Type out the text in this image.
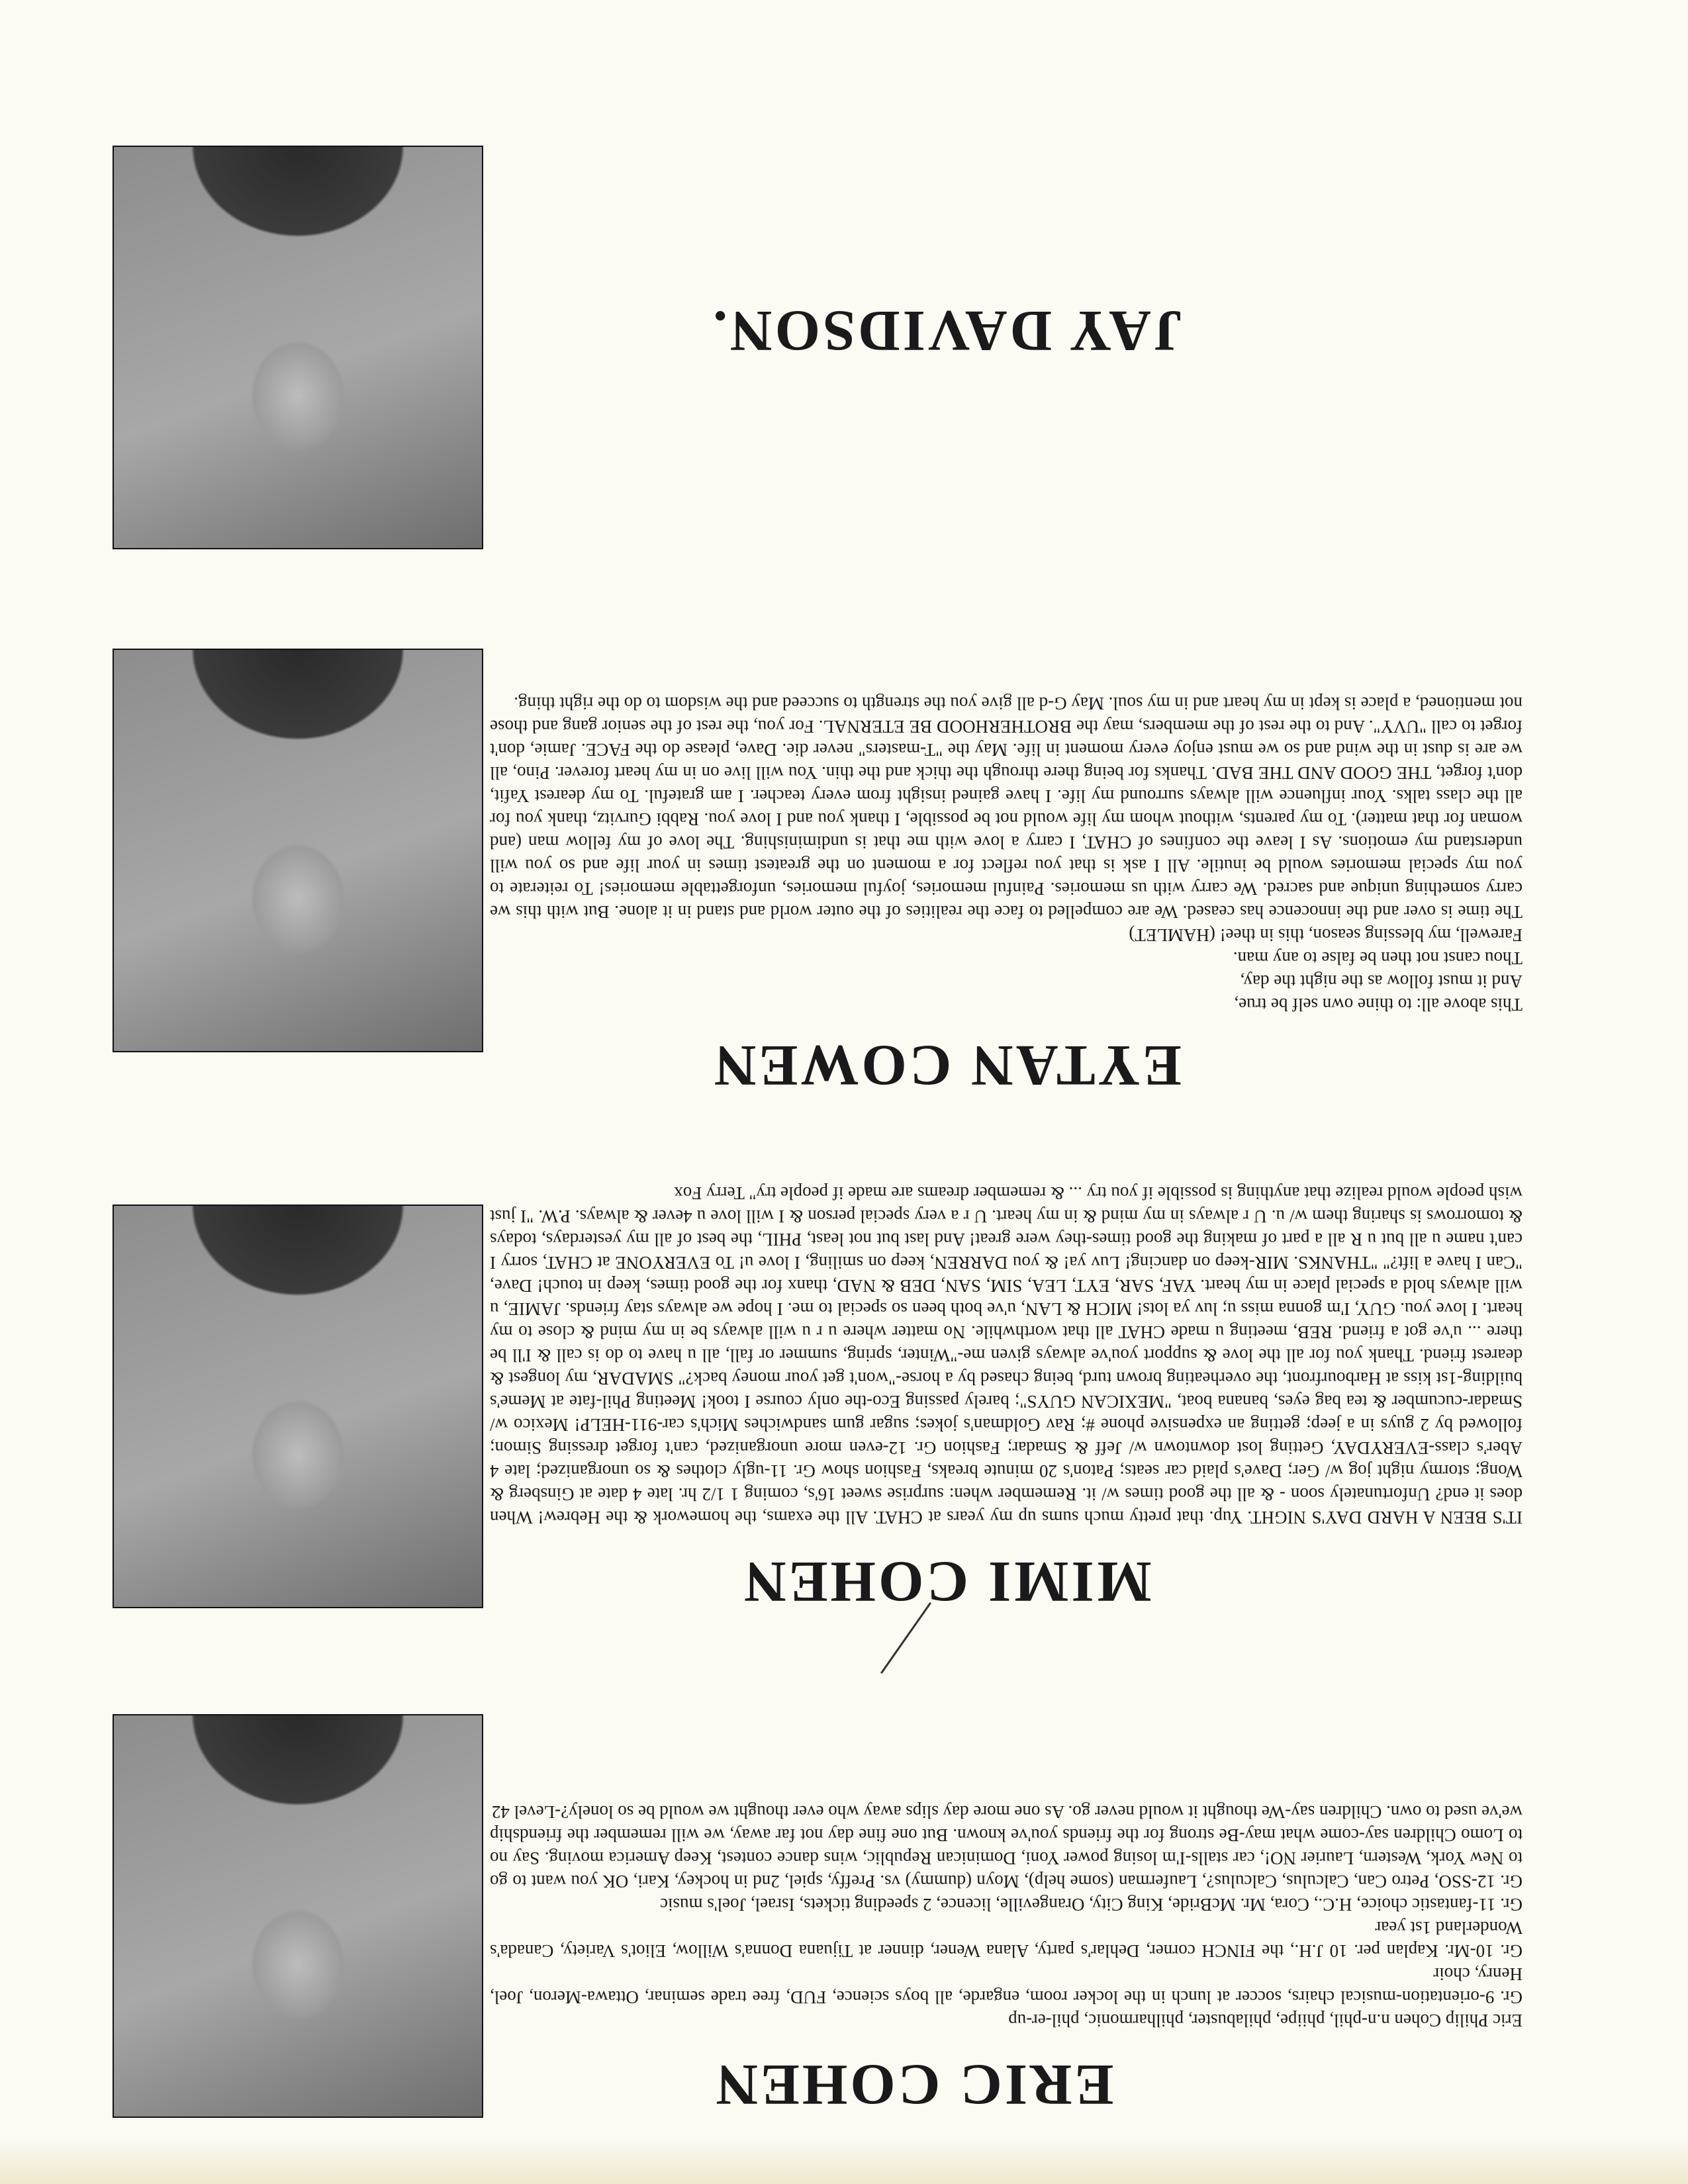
ERIC COHEN

Eric Philip Cohen n.n-phil, phiipe, philabuster, philharmonic, phil-er-up

Gr. 9-orientation-musical chairs, soccer at lunch in the locker room, engarde, all boys science, FUD, free trade seminar, Ottawa-Meron, Joel, Henry, choir

Gr. 10-Mr. Kaplan per. 10 J.H., the FINCH corner, Dehlar's party, Alana Wener, dinner at Tijuana Donna's Willow, Eliot's Variety, Canada's Wonderland 1st year

Gr. 11-fantastic choice, H.C., Cora, Mr. McBride, King City, Orangeville, licence, 2 speeding tickets, Israel, Joel's music

Gr. 12-SSO, Petro Can, Calculus, Calculus?, Lauferman (some help), Moyn (dummy) vs. Preffy, spiel, 2nd in hockey, Kari, OK you want to go to New York, Western, Laurier NO!, car stalls-I'm losing power Yoni, Dominican Republic, wins dance contest, Keep America moving. Say no to Lomo Children say-come what may-Be strong for the friends you've known. But one fine day not far away, we will remember the friendship we've used to own. Children say-We thought it would never go. As one more day slips away who ever thought we would be so lonely?-Level 42

MIMI COHEN

IT'S BEEN A HARD DAY'S NIGHT. Yup. that pretty much sums up my years at CHAT. All the exams, the homework & the Hebrew! When does it end? Unfortunately soon - & all the good times w/ it. Remember when: surprise sweet 16's, coming 1 1/2 hr. late 4 date at Ginsberg & Wong; stormy night jog w/ Ger; Dave's plaid car seats; Paton's 20 minute breaks, Fashion show Gr. 11-ugly clothes & so unorganized; late 4 Aber's class-EVERYDAY, Getting lost downtown w/ Jeff & Smadar; Fashion Gr. 12-even more unorganized, can't forget dressing Simon; followed by 2 guys in a jeep; getting an expensive phone #; Rav Goldman's jokes; sugar gum sandwiches Mich's car-911-HELP! Mexico w/ Smadar-cucumber & tea bag eyes, banana boat, "MEXICAN GUYS"; barely passing Eco-the only course I took! Meeting Phil-fate at Meme's building-1st kiss at Harbourfront, the overheating brown turd, being chased by a horse-"won't get your money back?" SMADAR, my longest & dearest friend. Thank you for all the love & support you've always given me-"Winter, spring, summer or fall, all u have to do is call & I'll be there ... u've got a friend. REB, meeting u made CHAT all that worthwhile. No matter where u r u will always be in my mind & close to my heart. I love you. GUY, I'm gonna miss u; luv ya lots! MICH & LAN, u've both been so special to me. I hope we always stay friends. JAMIE, u will always hold a special place in my heart. YAF, SAR, EYT, LEA, SIM, SAN, DEB & NAD, thanx for the good times, keep in touch! Dave, "Can I have a lift?" "THANKS. MIR-keep on dancing! Luv ya! & you DARREN, keep on smiling, I love u! To EVERYONE at CHAT, sorry I can't name u all but u R all a part of making the good times-they were great! And last but not least, PHIL, the best of all my yesterdays, todays & tomorrows is sharing them w/ u. U r always in my mind & in my heart. U r a very special person & I will love u 4ever & always. P.W. "I just wish people would realize that anything is possible if you try ... & remember dreams are made if people try" Terry Fox

EYTAN COWEN

This above all: to thine own self be true,

And it must follow as the night the day,

Thou canst not then be false to any man.

Farewell, my blessing season, this in thee! (HAMLET)

The time is over and the innocence has ceased. We are compelled to face the realities of the outer world and stand in it alone. But with this we carry something unique and sacred. We carry with us memories. Painful memories, joyful memories, unforgettable memories! To reiterate to you my special memories would be inutile. All I ask is that you reflect for a moment on the greatest times in your life and so you will understand my emotions. As I leave the confines of CHAT, I carry a love with me that is undiminishing. The love of my fellow man (and woman for that matter). To my parents, without whom my life would not be possible, I thank you and I love you. Rabbi Gurvitz, thank you for all the class talks. Your influence will always surround my life. I have gained insight from every teacher. I am grateful. To my dearest Yafit, don't forget, THE GOOD AND THE BAD. Thanks for being there through the thick and the thin. You will live on in my heart forever. Pino, all we are is dust in the wind and so we must enjoy every moment in life. May the "T-masters" never die. Dave, please do the FACE. Jamie, don't forget to call "UVY". And to the rest of the members, may the BROTHERHOOD BE ETERNAL. For you, the rest of the senior gang and those not mentioned, a place is kept in my heart and in my soul. May G-d all give you the strength to succeed and the wisdom to do the right thing.

JAY DAVIDSON.
